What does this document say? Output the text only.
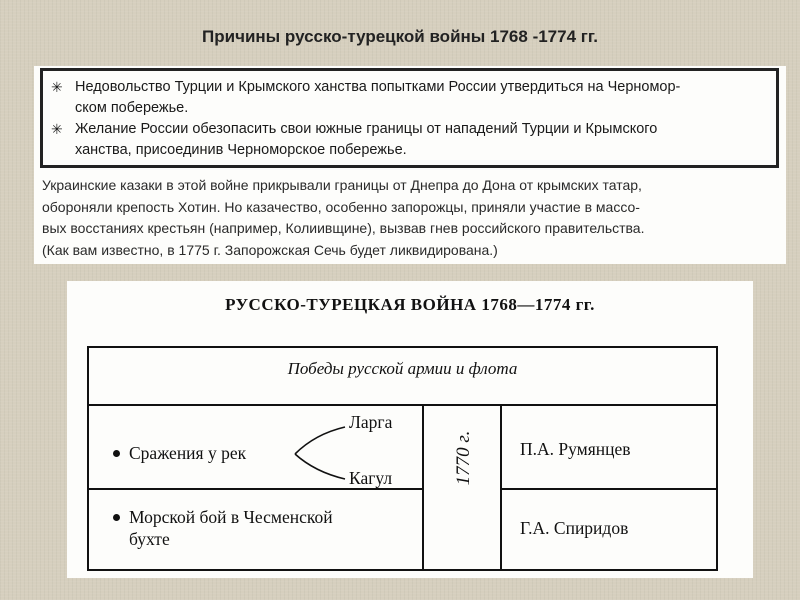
Причины русско-турецкой войны 1768 -1774 гг.
✳ Недовольство Турции и Крымского ханства попытками России утвердиться на Черномор-
ском побережье.
✳ Желание России обезопасить свои южные границы от нападений Турции и Крымского
ханства, присоединив Черноморское побережье.
Украинские казаки в этой войне прикрывали границы от Днепра до Дона от крымских татар,
обороняли крепость Хотин. Но казачество, особенно запорожцы, приняли участие в массо-
вых восстаниях крестьян (например, Колиивщине), вызвав гнев российского правительства.
(Как вам известно, в 1775 г. Запорожская Сечь будет ликвидирована.)
РУССКО-ТУРЕЦКАЯ ВОЙНА 1768—1774 гг.
Победы русской армии и флота
Сражения у рек
Ларга
Кагул
П.А. Румянцев
Морской бой в Чесменской
бухте
Г.А. Спиридов
1770 г.
